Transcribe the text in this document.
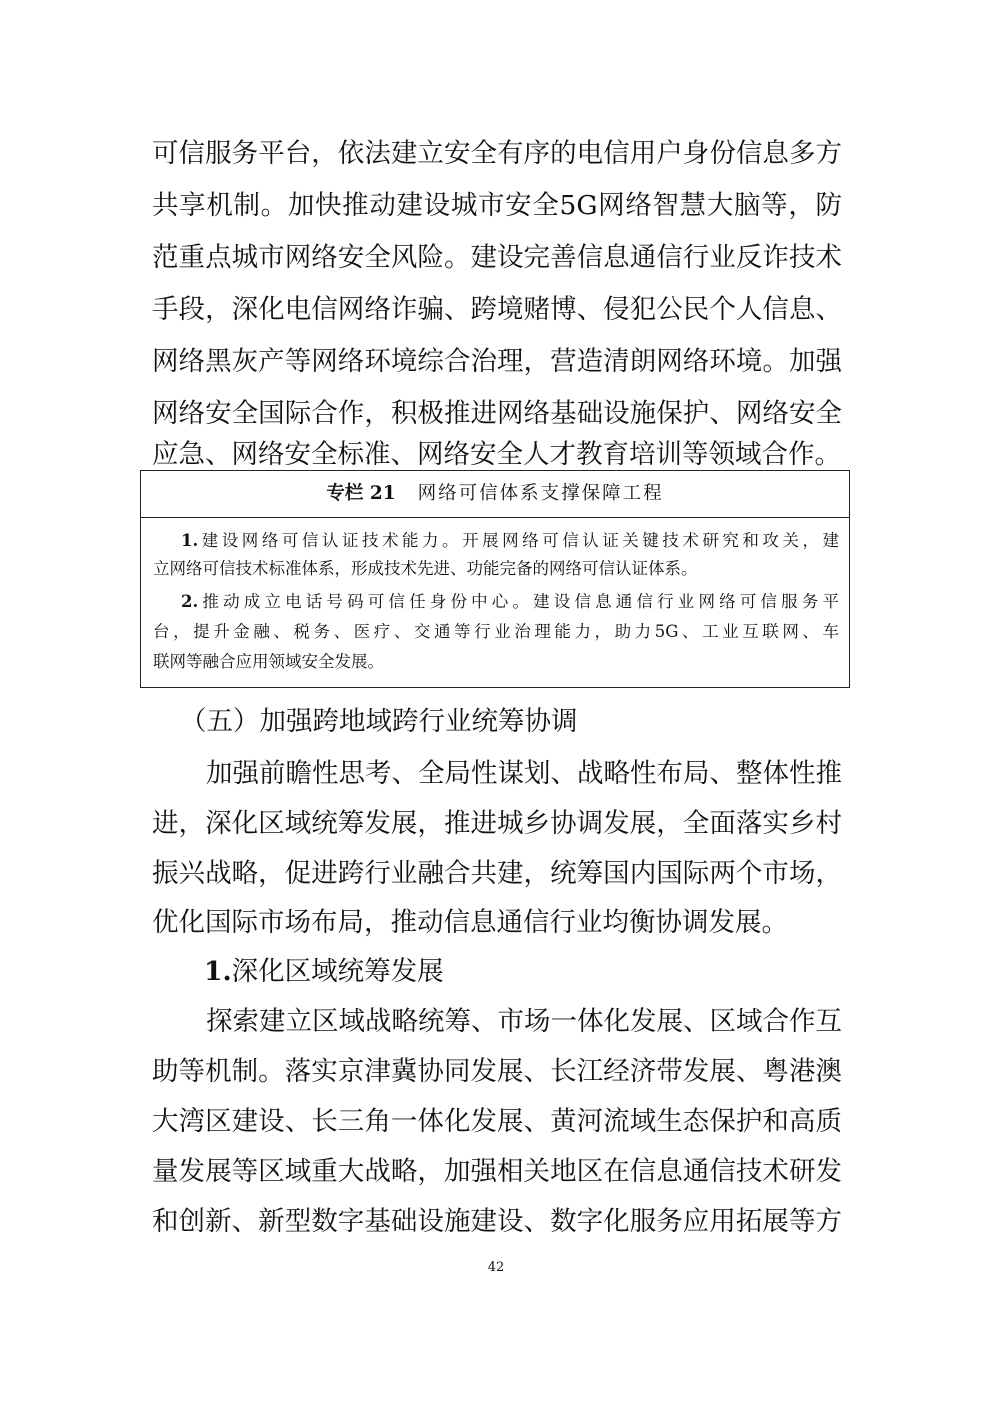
可信服务平台，依法建立安全有序的电信用户身份信息多方
共享机制。加快推动建设城市安全5G网络智慧大脑等，防
范重点城市网络安全风险。建设完善信息通信行业反诈技术
手段，深化电信网络诈骗、跨境赌博、侵犯公民个人信息、
网络黑灰产等网络环境综合治理，营造清朗网络环境。加强
网络安全国际合作，积极推进网络基础设施保护、网络安全
应急、网络安全标准、网络安全人才教育培训等领域合作。
专栏 21 网络可信体系支撑保障工程
1.建设网络可信认证技术能力。开展网络可信认证关键技术研究和攻关，建
立网络可信技术标准体系，形成技术先进、功能完备的网络可信认证体系。
2.推动成立电话号码可信任身份中心。建设信息通信行业网络可信服务平
台，提升金融、税务、医疗、交通等行业治理能力，助力5G、工业互联网、车
联网等融合应用领域安全发展。
（五）加强跨地域跨行业统筹协调
加强前瞻性思考、全局性谋划、战略性布局、整体性推
进，深化区域统筹发展，推进城乡协调发展，全面落实乡村
振兴战略，促进跨行业融合共建，统筹国内国际两个市场，
优化国际市场布局，推动信息通信行业均衡协调发展。
1.深化区域统筹发展
探索建立区域战略统筹、市场一体化发展、区域合作互
助等机制。落实京津冀协同发展、长江经济带发展、粤港澳
大湾区建设、长三角一体化发展、黄河流域生态保护和高质
量发展等区域重大战略，加强相关地区在信息通信技术研发
和创新、新型数字基础设施建设、数字化服务应用拓展等方
42
